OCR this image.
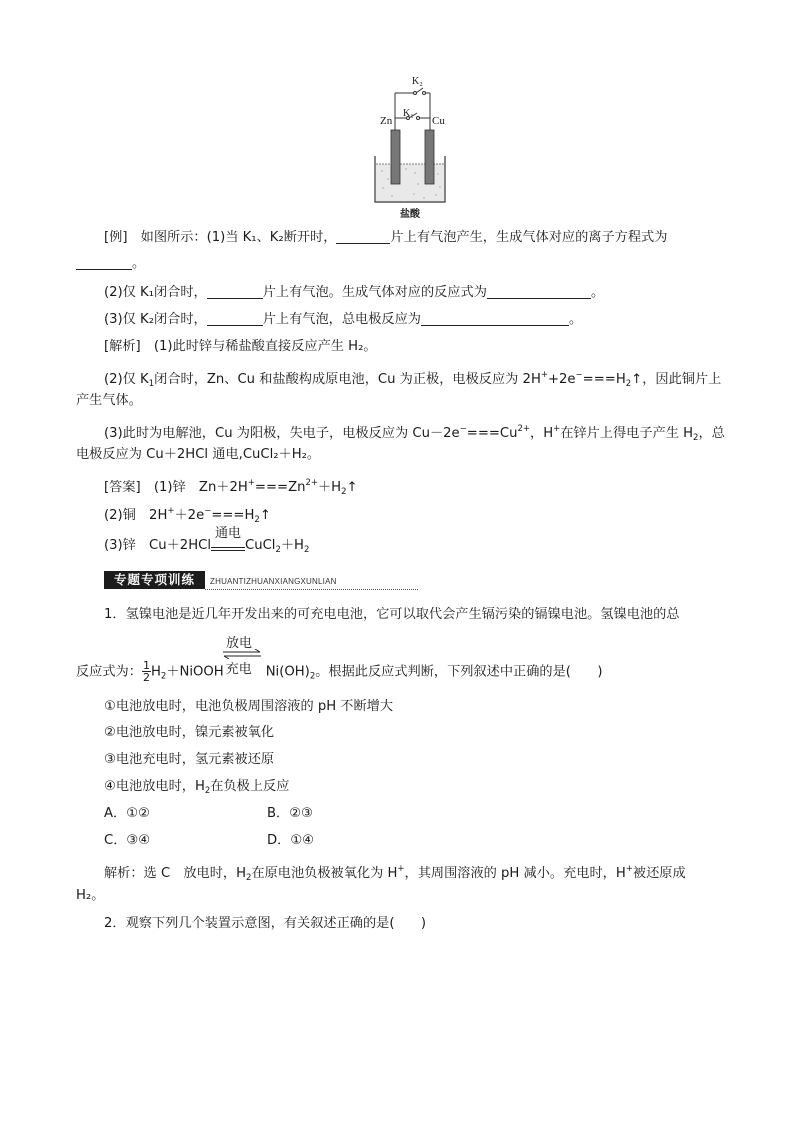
K₂
K₁
Zn	Cu
盐酸
[例]　如图所示：(1)当 K₁、K₂断开时，	片上有气泡产生，生成气体对应的离子方程式为
。
(2)仅 K₁闭合时，	片上有气泡。生成气体对应的反应式为	。
(3)仅 K₂闭合时，	片上有气泡，总电极反应为	。
[解析]　(1)此时锌与稀盐酸直接反应产生 H₂。
(2)仅 $K_1$闭合时，Zn、Cu 和盐酸构成原电池，Cu 为正极，电极反应为 $2H^++2e^-===H_2↑$，因此铜片上
产生气体。
(3)此时为电解池，Cu 为阳极，失电子，电极反应为 $Cu-2e^-===Cu^{2+}$，H+在锌片上得电子产生 $H_2$，总
电极反应为 Cu＋2HCl 通电,CuCl₂＋H₂。
[答案]　(1)锌　$Zn+2H^+===Zn^{2+}+H_2↑$
(2)铜　$2H^++2e^-===H_2↑$
(3)锌　Cu＋2HCl
通电
$CuCl_2+H_2$
专题专项训练	ZHUANTIZHUANXIANGXUNLIAN
1．氢镍电池是近几年开发出来的可充电电池，它可以取代会产生镉污染的镉镍电池。氢镍电池的总
放电
反应式为： $\frac{1}{2}$ $H_2+NiOOH$ 充电 $Ni(OH)_2$。根据此反应式判断，下列叙述中正确的是(　　)
①电池放电时，电池负极周围溶液的 pH 不断增大
②电池放电时，镍元素被氧化
③电池充电时，氢元素被还原
④电池放电时，$H_2$在负极上反应
A．①②	B．②③
C．③④	D．①④
解析：选 C　放电时，$H_2$在原电池负极被氧化为 H+，其周围溶液的 pH 减小。充电时，H+被还原成
H₂。
2．观察下列几个装置示意图，有关叙述正确的是(　　)
